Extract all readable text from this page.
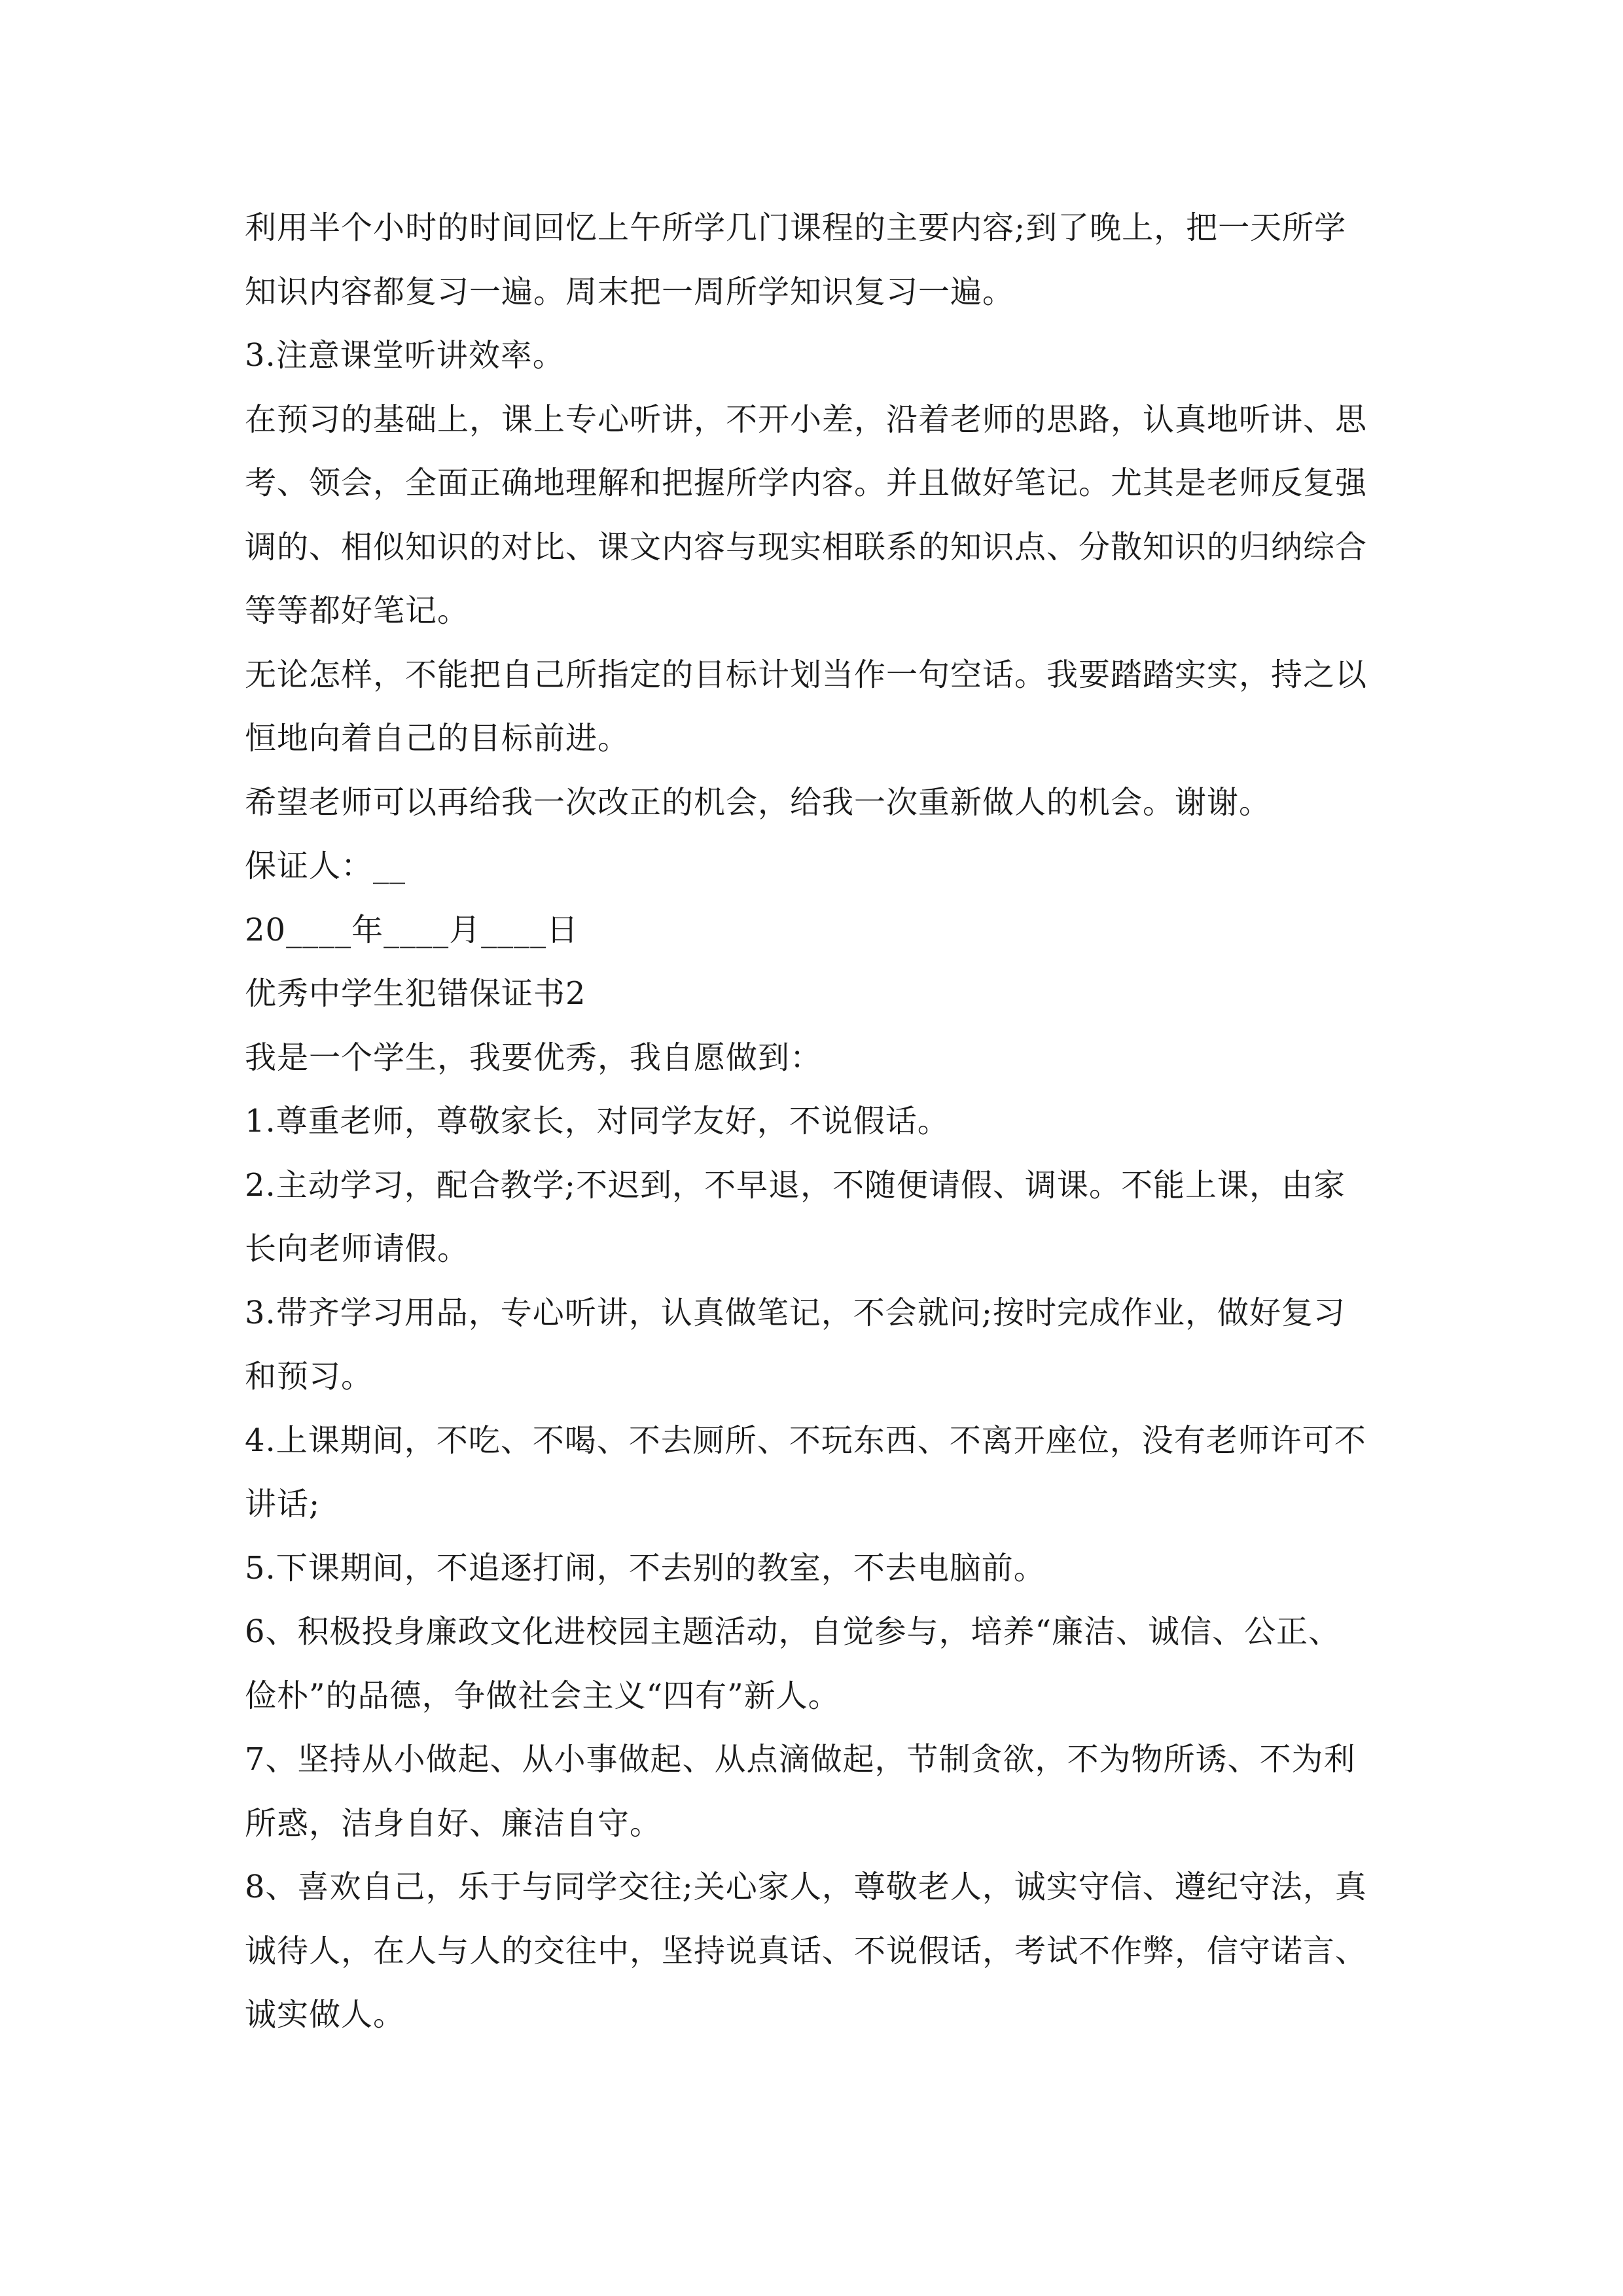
利用半个小时的时间回忆上午所学几门课程的主要内容;到了晚上，把一天所学
知识内容都复习一遍。周末把一周所学知识复习一遍。
3.注意课堂听讲效率。
在预习的基础上，课上专心听讲，不开小差，沿着老师的思路，认真地听讲、思
考、领会，全面正确地理解和把握所学内容。并且做好笔记。尤其是老师反复强
调的、相似知识的对比、课文内容与现实相联系的知识点、分散知识的归纳综合
等等都好笔记。
无论怎样，不能把自己所指定的目标计划当作一句空话。我要踏踏实实，持之以
恒地向着自己的目标前进。
希望老师可以再给我一次改正的机会，给我一次重新做人的机会。谢谢。
保证人：__
20____年____月____日
优秀中学生犯错保证书2
我是一个学生，我要优秀，我自愿做到：
1.尊重老师，尊敬家长，对同学友好，不说假话。
2.主动学习，配合教学;不迟到，不早退，不随便请假、调课。不能上课，由家
长向老师请假。
3.带齐学习用品，专心听讲，认真做笔记，不会就问;按时完成作业，做好复习
和预习。
4.上课期间，不吃、不喝、不去厕所、不玩东西、不离开座位，没有老师许可不
讲话;
5.下课期间，不追逐打闹，不去别的教室，不去电脑前。
6、积极投身廉政文化进校园主题活动，自觉参与，培养“廉洁、诚信、公正、
俭朴”的品德，争做社会主义“四有”新人。
7、坚持从小做起、从小事做起、从点滴做起，节制贪欲，不为物所诱、不为利
所惑，洁身自好、廉洁自守。
8、喜欢自己，乐于与同学交往;关心家人，尊敬老人，诚实守信、遵纪守法，真
诚待人，在人与人的交往中，坚持说真话、不说假话，考试不作弊，信守诺言、
诚实做人。
